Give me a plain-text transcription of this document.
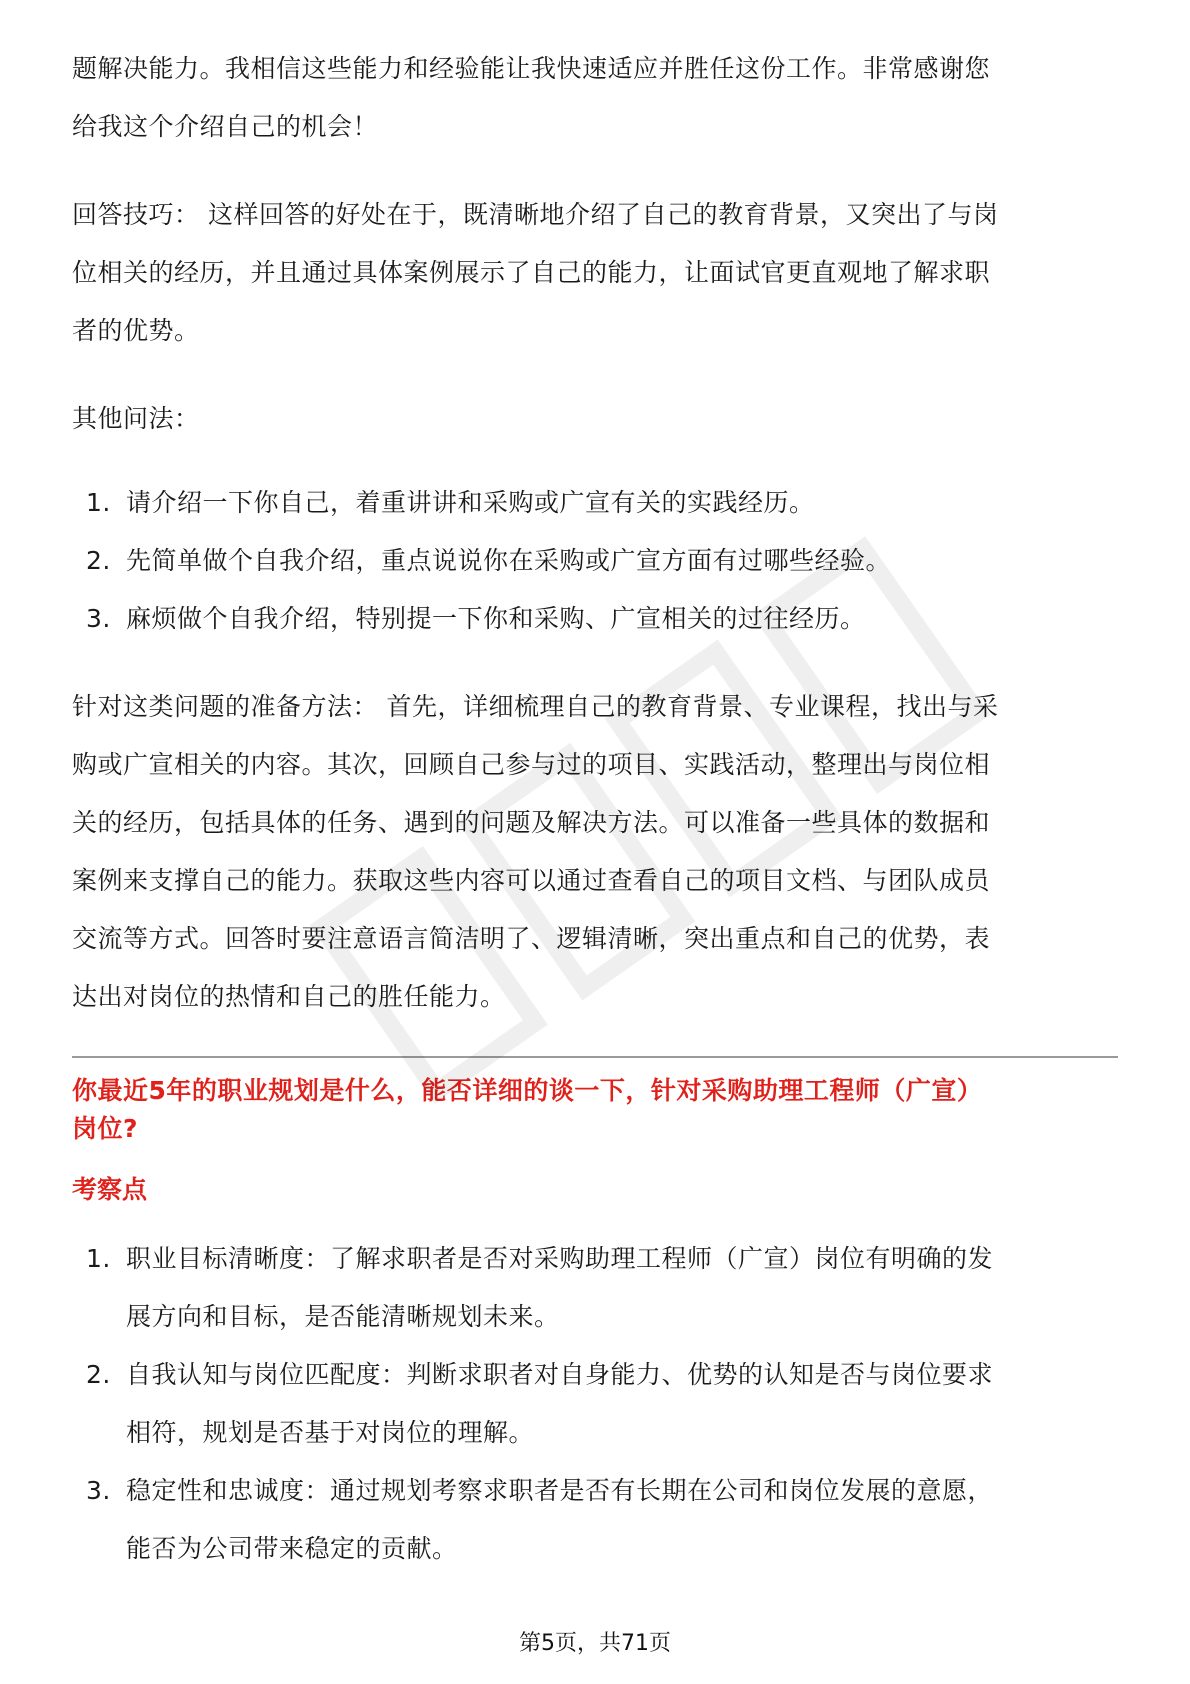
题解决能力。我相信这些能力和经验能让我快速适应并胜任这份工作。非常感谢您

给我这个介绍自己的机会！

回答技巧： 这样回答的好处在于，既清晰地介绍了自己的教育背景，又突出了与岗

位相关的经历，并且通过具体案例展示了自己的能力，让面试官更直观地了解求职

者的优势。

其他问法：

1. 请介绍一下你自己，着重讲讲和采购或广宣有关的实践经历。
2. 先简单做个自我介绍，重点说说你在采购或广宣方面有过哪些经验。
3. 麻烦做个自我介绍，特别提一下你和采购、广宣相关的过往经历。

针对这类问题的准备方法： 首先，详细梳理自己的教育背景、专业课程，找出与采

购或广宣相关的内容。其次，回顾自己参与过的项目、实践活动，整理出与岗位相

关的经历，包括具体的任务、遇到的问题及解决方法。可以准备一些具体的数据和

案例来支撑自己的能力。获取这些内容可以通过查看自己的项目文档、与团队成员

交流等方式。回答时要注意语言简洁明了、逻辑清晰，突出重点和自己的优势，表

达出对岗位的热情和自己的胜任能力。

你最近5年的职业规划是什么，能否详细的谈一下，针对采购助理工程师（广宣）

岗位?

考察点

1. 职业目标清晰度：了解求职者是否对采购助理工程师（广宣）岗位有明确的发
展方向和目标，是否能清晰规划未来。
2. 自我认知与岗位匹配度：判断求职者对自身能力、优势的认知是否与岗位要求
相符，规划是否基于对岗位的理解。
3. 稳定性和忠诚度：通过规划考察求职者是否有长期在公司和岗位发展的意愿，
能否为公司带来稳定的贡献。
第5页，共71页
